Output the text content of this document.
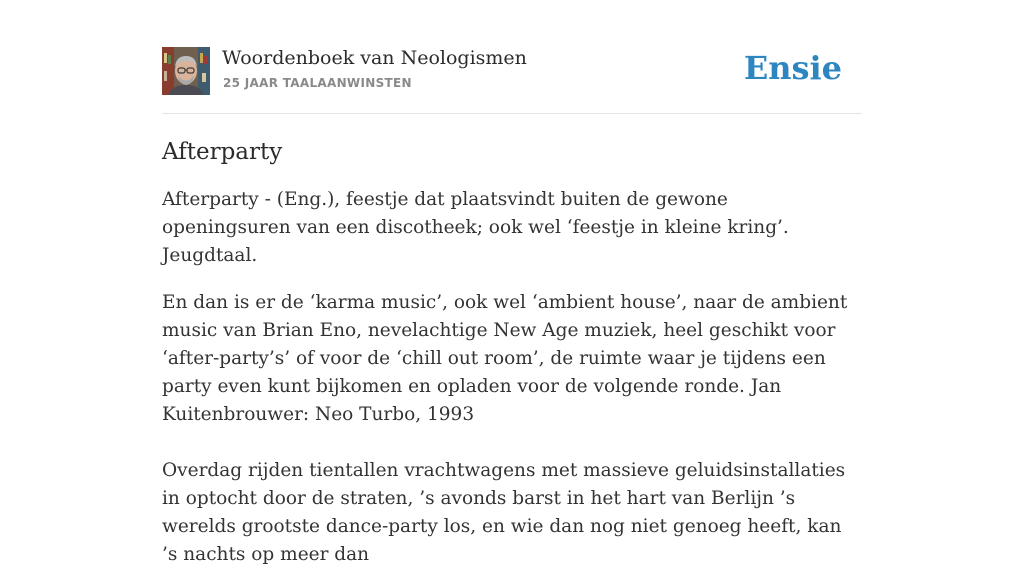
Woordenboek van Neologismen
25 JAAR TAALAANWINSTEN	Ensie
Afterparty

Afterparty - (Eng.), feestje dat plaatsvindt buiten de gewone openingsuren van een discotheek; ook wel ‘feestje in kleine kring’. Jeugdtaal.

En dan is er de ‘karma music’, ook wel ‘ambient house’, naar de ambient music van Brian Eno, nevelachtige New Age muziek, heel geschikt voor ‘after-party’s’ of voor de ‘chill out room’, de ruimte waar je tijdens een party even kunt bijkomen en opladen voor de volgende ronde. Jan Kuitenbrouwer: Neo Turbo, 1993

Overdag rijden tientallen vrachtwagens met massieve geluidsinstallaties in optocht door de straten, ’s avonds barst in het hart van Berlijn ’s werelds grootste dance-party los, en wie dan nog niet genoeg heeft, kan ’s nachts op meer dan
